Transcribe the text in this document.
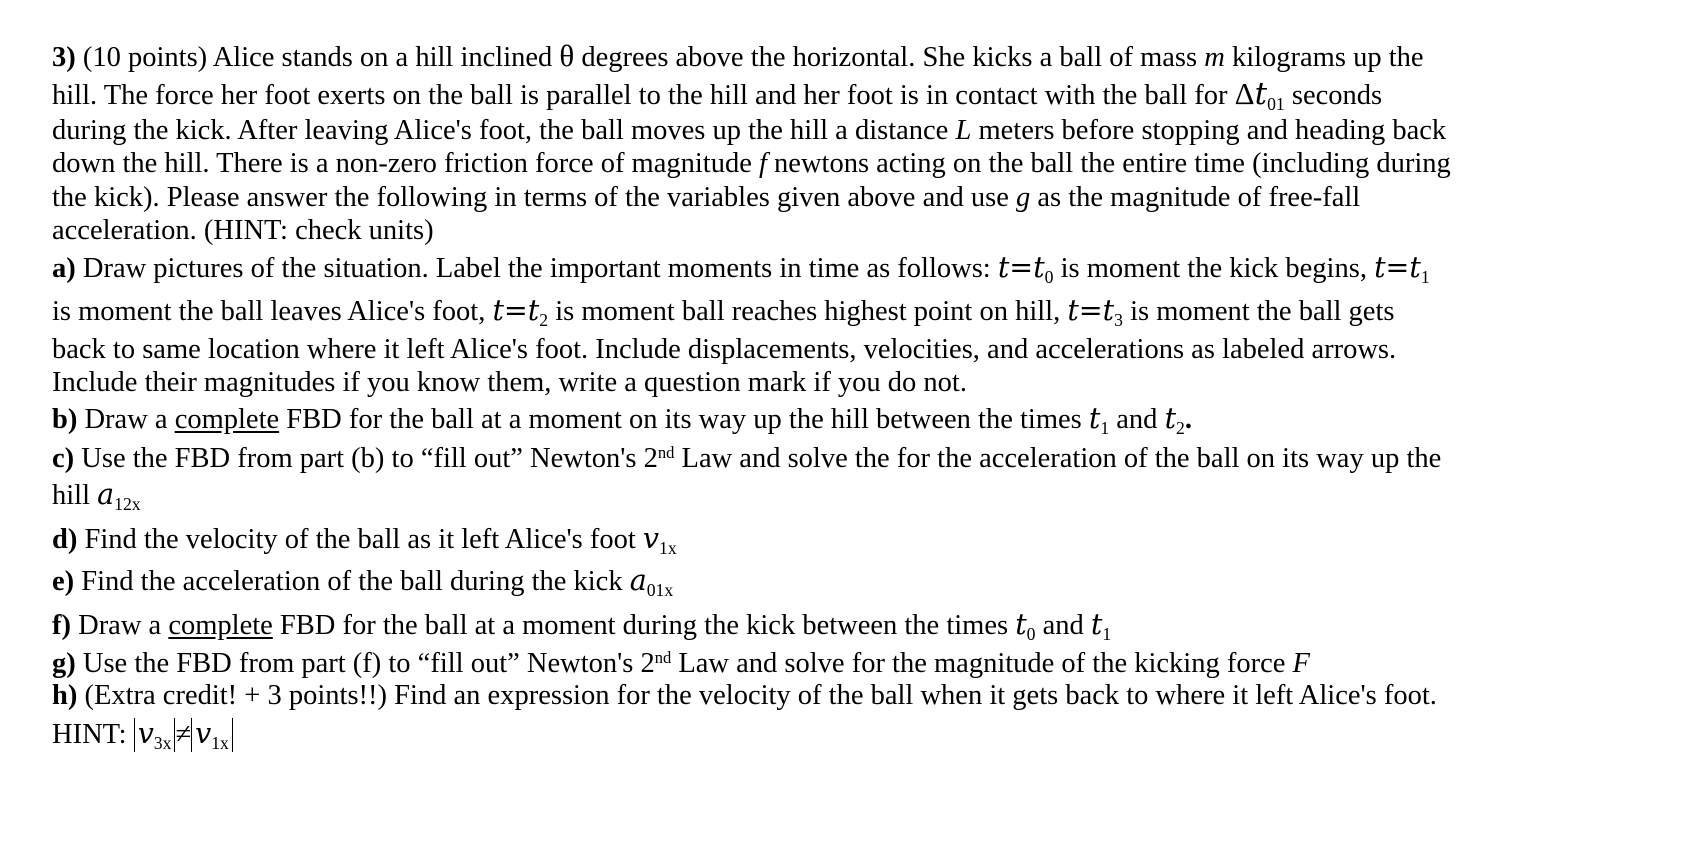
3) (10 points) Alice stands on a hill inclined θ degrees above the horizontal. She kicks a ball of mass m kilograms up the
hill. The force her foot exerts on the ball is parallel to the hill and her foot is in contact with the ball for Δt01 seconds
during the kick. After leaving Alice's foot, the ball moves up the hill a distance L meters before stopping and heading back
down the hill. There is a non-zero friction force of magnitude f newtons acting on the ball the entire time (including during
the kick). Please answer the following in terms of the variables given above and use g as the magnitude of free-fall
acceleration. (HINT: check units)
a) Draw pictures of the situation. Label the important moments in time as follows: t=t0 is moment the kick begins, t=t1
is moment the ball leaves Alice's foot, t=t2 is moment ball reaches highest point on hill, t=t3 is moment the ball gets
back to same location where it left Alice's foot. Include displacements, velocities, and accelerations as labeled arrows.
Include their magnitudes if you know them, write a question mark if you do not.
b) Draw a complete FBD for the ball at a moment on its way up the hill between the times t1 and t2.
c) Use the FBD from part (b) to “fill out” Newton's 2nd Law and solve the for the acceleration of the ball on its way up the
hill a12x
d) Find the velocity of the ball as it left Alice's foot v1x
e) Find the acceleration of the ball during the kick a01x
f) Draw a complete FBD for the ball at a moment during the kick between the times t0 and t1
g) Use the FBD from part (f) to “fill out” Newton's 2nd Law and solve for the magnitude of the kicking force F
h) (Extra credit! + 3 points!!) Find an expression for the velocity of the ball when it gets back to where it left Alice's foot.
HINT: v3x ≠ v1x
